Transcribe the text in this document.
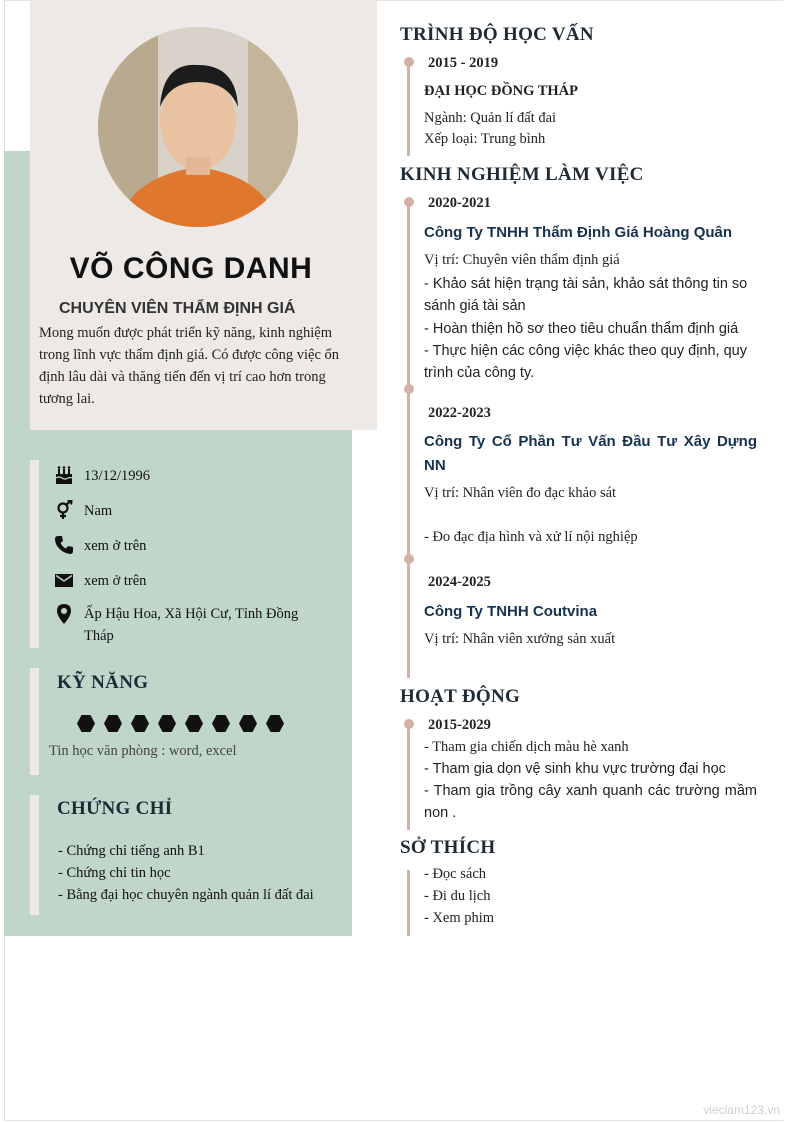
VÕ CÔNG DANH
CHUYÊN VIÊN THẨM ĐỊNH GIÁ
Mong muốn được phát triển kỹ năng, kinh nghiệm trong lĩnh vực thẩm định giá. Có được công việc ổn định lâu dài và thăng tiến đến vị trí cao hơn trong tương lai.
13/12/1996
Nam
xem ở trên
xem ở trên
Ấp Hậu Hoa, Xã Hội Cư, Tỉnh Đồng Tháp
KỸ NĂNG
Tin học văn phòng : word, excel
CHỨNG CHỈ
- Chứng chỉ tiếng anh B1
- Chứng chỉ tin học
- Bằng đại học chuyên ngành quản lí đất đai
TRÌNH ĐỘ HỌC VẤN
2015 - 2019
ĐẠI HỌC ĐỒNG THÁP
Ngành: Quản lí đất đai
Xếp loại: Trung bình
KINH NGHIỆM LÀM VIỆC
2020-2021
Công Ty TNHH Thẩm Định Giá Hoàng Quân
Vị trí: Chuyên viên thẩm định giá
- Khảo sát hiện trạng tài sản, khảo sát thông tin so sánh giá tài sản
- Hoàn thiện hồ sơ theo tiêu chuẩn thẩm định giá
- Thực hiện các công việc khác theo quy định, quy trình của công ty.
2022-2023
Công Ty Cổ Phần Tư Vấn Đầu Tư Xây Dựng NN
Vị trí: Nhân viên đo đạc khảo sát
- Đo đạc địa hình và xử lí nội nghiệp
2024-2025
Công Ty TNHH Coutvina
Vị trí: Nhân viên xưởng sản xuất
HOẠT ĐỘNG
2015-2029
- Tham gia chiến dịch màu hè xanh
- Tham gia dọn vệ sinh khu vực trường đại học
- Tham gia trồng cây xanh quanh các trường mầm non .
SỞ THÍCH
- Đọc sách
- Đi du lịch
- Xem phim
vieclam123.vn
